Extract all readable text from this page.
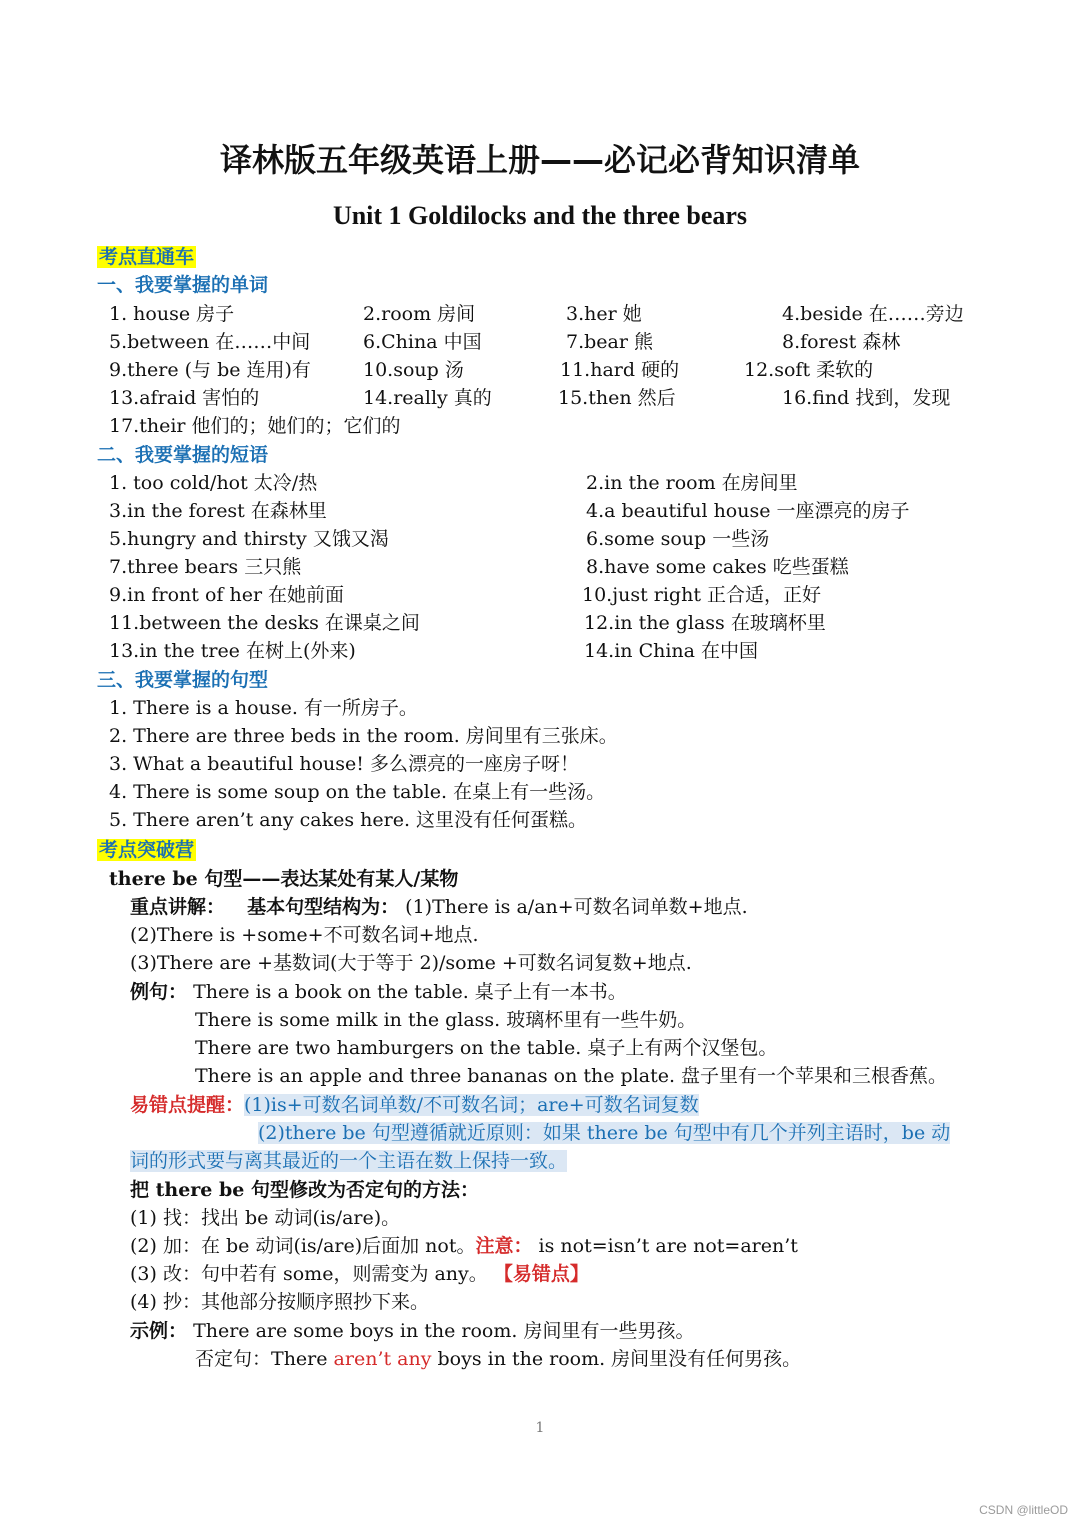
译林版五年级英语上册——必记必背知识清单
Unit 1 Goldilocks and the three bears
考点直通车
一、我要掌握的单词
1. house 房子	2.room 房间	3.her 她	4.beside 在……旁边
5.between 在……中间	6.China 中国	7.bear 熊	8.forest 森林
9.there (与 be 连用)有	10.soup 汤	11.hard 硬的	12.soft 柔软的
13.afraid 害怕的	14.really 真的	15.then 然后	16.find 找到，发现
17.their 他们的；她们的；它们的
二、我要掌握的短语
1. too cold/hot 太冷/热	2.in the room 在房间里
3.in the forest 在森林里	4.a beautiful house 一座漂亮的房子
5.hungry and thirsty 又饿又渴	6.some soup 一些汤
7.three bears 三只熊	8.have some cakes 吃些蛋糕
9.in front of her 在她前面	10.just right 正合适，正好
11.between the desks 在课桌之间	12.in the glass 在玻璃杯里
13.in the tree 在树上(外来)	14.in China 在中国
三、我要掌握的句型
1. There is a house. 有一所房子。
2. There are three beds in the room. 房间里有三张床。
3. What a beautiful house! 多么漂亮的一座房子呀！
4. There is some soup on the table. 在桌上有一些汤。
5. There aren’t any cakes here. 这里没有任何蛋糕。
考点突破营
there be 句型——表达某处有某人/某物
重点讲解： 基本句型结构为： (1)There is a/an+可数名词单数+地点.
(2)There is +some+不可数名词+地点.
(3)There are +基数词(大于等于 2)/some +可数名词复数+地点.
例句： There is a book on the table. 桌子上有一本书。
There is some milk in the glass. 玻璃杯里有一些牛奶。
There are two hamburgers on the table. 桌子上有两个汉堡包。
There is an apple and three bananas on the plate. 盘子里有一个苹果和三根香蕉。
易错点提醒：(1)is+可数名词单数/不可数名词；are+可数名词复数
(2)there be 句型遵循就近原则：如果 there be 句型中有几个并列主语时，be 动
词的形式要与离其最近的一个主语在数上保持一致。
把 there be 句型修改为否定句的方法：
(1) 找：找出 be 动词(is/are)。
(2) 加：在 be 动词(is/are)后面加 not。注意： is not=isn’t are not=aren’t
(3) 改：句中若有 some，则需变为 any。 【易错点】
(4) 抄：其他部分按顺序照抄下来。
示例： There are some boys in the room. 房间里有一些男孩。
否定句：There aren’t any boys in the room. 房间里没有任何男孩。
1
CSDN @littleOD
